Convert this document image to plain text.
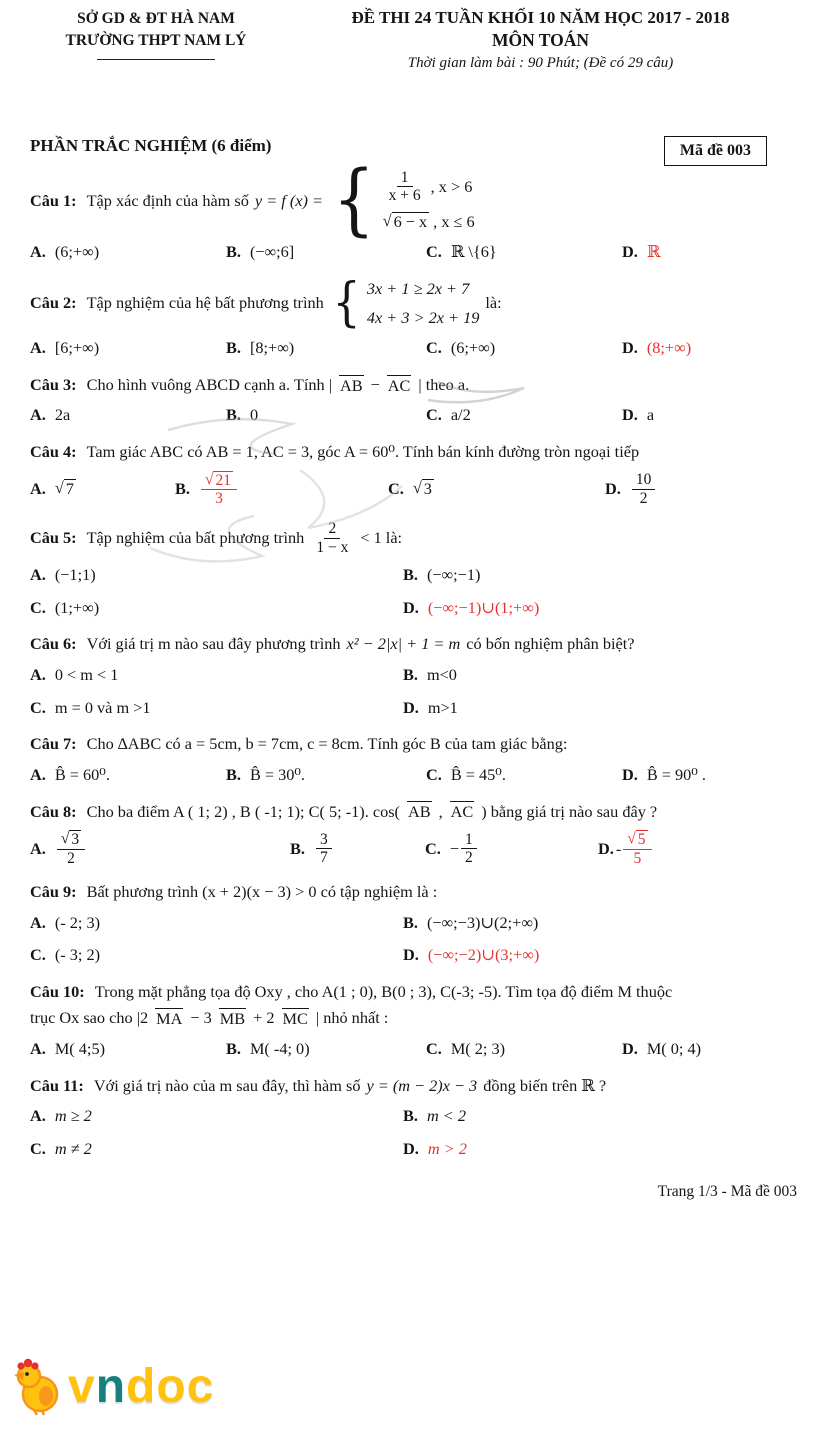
SỞ GD & ĐT HÀ NAM
TRƯỜNG THPT NAM LÝ
ĐỀ THI 24 TUẦN KHỐI 10 NĂM HỌC 2017 - 2018
MÔN TOÁN
Thời gian làm bài : 90 Phút; (Đề có 29 câu)
Mã đề 003
PHẦN TRẮC NGHIỆM (6 điểm)
Câu 1: Tập xác định của hàm số y = f (x) = { $\frac{1}{x + 6}$ , x > 6
√ 6 − x , x ≤ 6
A. (6;+∞)	B. (−∞;6]	C. ℝ \{6}	D. ℝ
Câu 2: Tập nghiệm của hệ bất phương trình { 3x + 1 ≥ 2x + 7
4x + 3 > 2x + 19
là:
A. [6;+∞)	B. [8;+∞)	C. (6;+∞)	D. (8;+∞)
Câu 3: Cho hình vuông ABCD cạnh a. Tính | AB − AC | theo a.
A. 2a	B. 0	C. a/2	D. a
Câu 4: Tam giác ABC có AB = 1, AC = 3, góc A = 60⁰. Tính bán kính đường tròn ngoại tiếp
A. √ 7	B. $\frac{√ 21}{3}$	C. √ 3	D. $\frac{10}{2}$
Câu 5: Tập nghiệm của bất phương trình $\frac{2}{1 - x} < 1$ là:
A. (−1;1)	B. (−∞;−1)
C. (1;+∞)	D. (−∞;−1)∪(1;+∞)
Câu 6: Với giá trị m nào sau đây phương trình x² − 2|x| + 1 = m có bốn nghiệm phân biệt?
A. 0 < m < 1	B. m<0
C. m = 0 và m >1	D. m>1
Câu 7: Cho ∆ABC có a = 5cm, b = 7cm, c = 8cm. Tính góc B của tam giác bằng:
A. B̂ = 60⁰.	B. B̂ = 30⁰.	C. B̂ = 45⁰.	D. B̂ = 90⁰ .
Câu 8: Cho ba điểm A ( 1; 2) , B ( -1; 1); C( 5; -1). cos( AB , AC ) bằng giá trị nào sau đây ?
A. $\frac{√ 3}{2}$	B. $\frac{3}{7}$	C. − $\frac{1}{2}$	D. - $\frac{√ 5}{5}$
Câu 9: Bất phương trình (x + 2)(x − 3) > 0 có tập nghiệm là :
A. (- 2; 3)	B. (−∞;−3)∪(2;+∞)
C. (- 3; 2)	D. (−∞;−2)∪(3;+∞)
Câu 10: Trong mặt phẳng tọa độ Oxy , cho A(1 ; 0), B(0 ; 3), C(-3; -5). Tìm tọa độ điểm M thuộc
trục Ox sao cho |2 MA − 3 MB + 2 MC | nhỏ nhất :
A. M( 4;5)	B. M( -4; 0)	C. M( 2; 3)	D. M( 0; 4)
Câu 11: Với giá trị nào của m sau đây, thì hàm số y = (m − 2)x − 3 đồng biến trên ℝ ?
A. m ≥ 2	B. m < 2
C. m ≠ 2	D. m > 2
Trang 1/3 - Mã đề 003
vndoc
